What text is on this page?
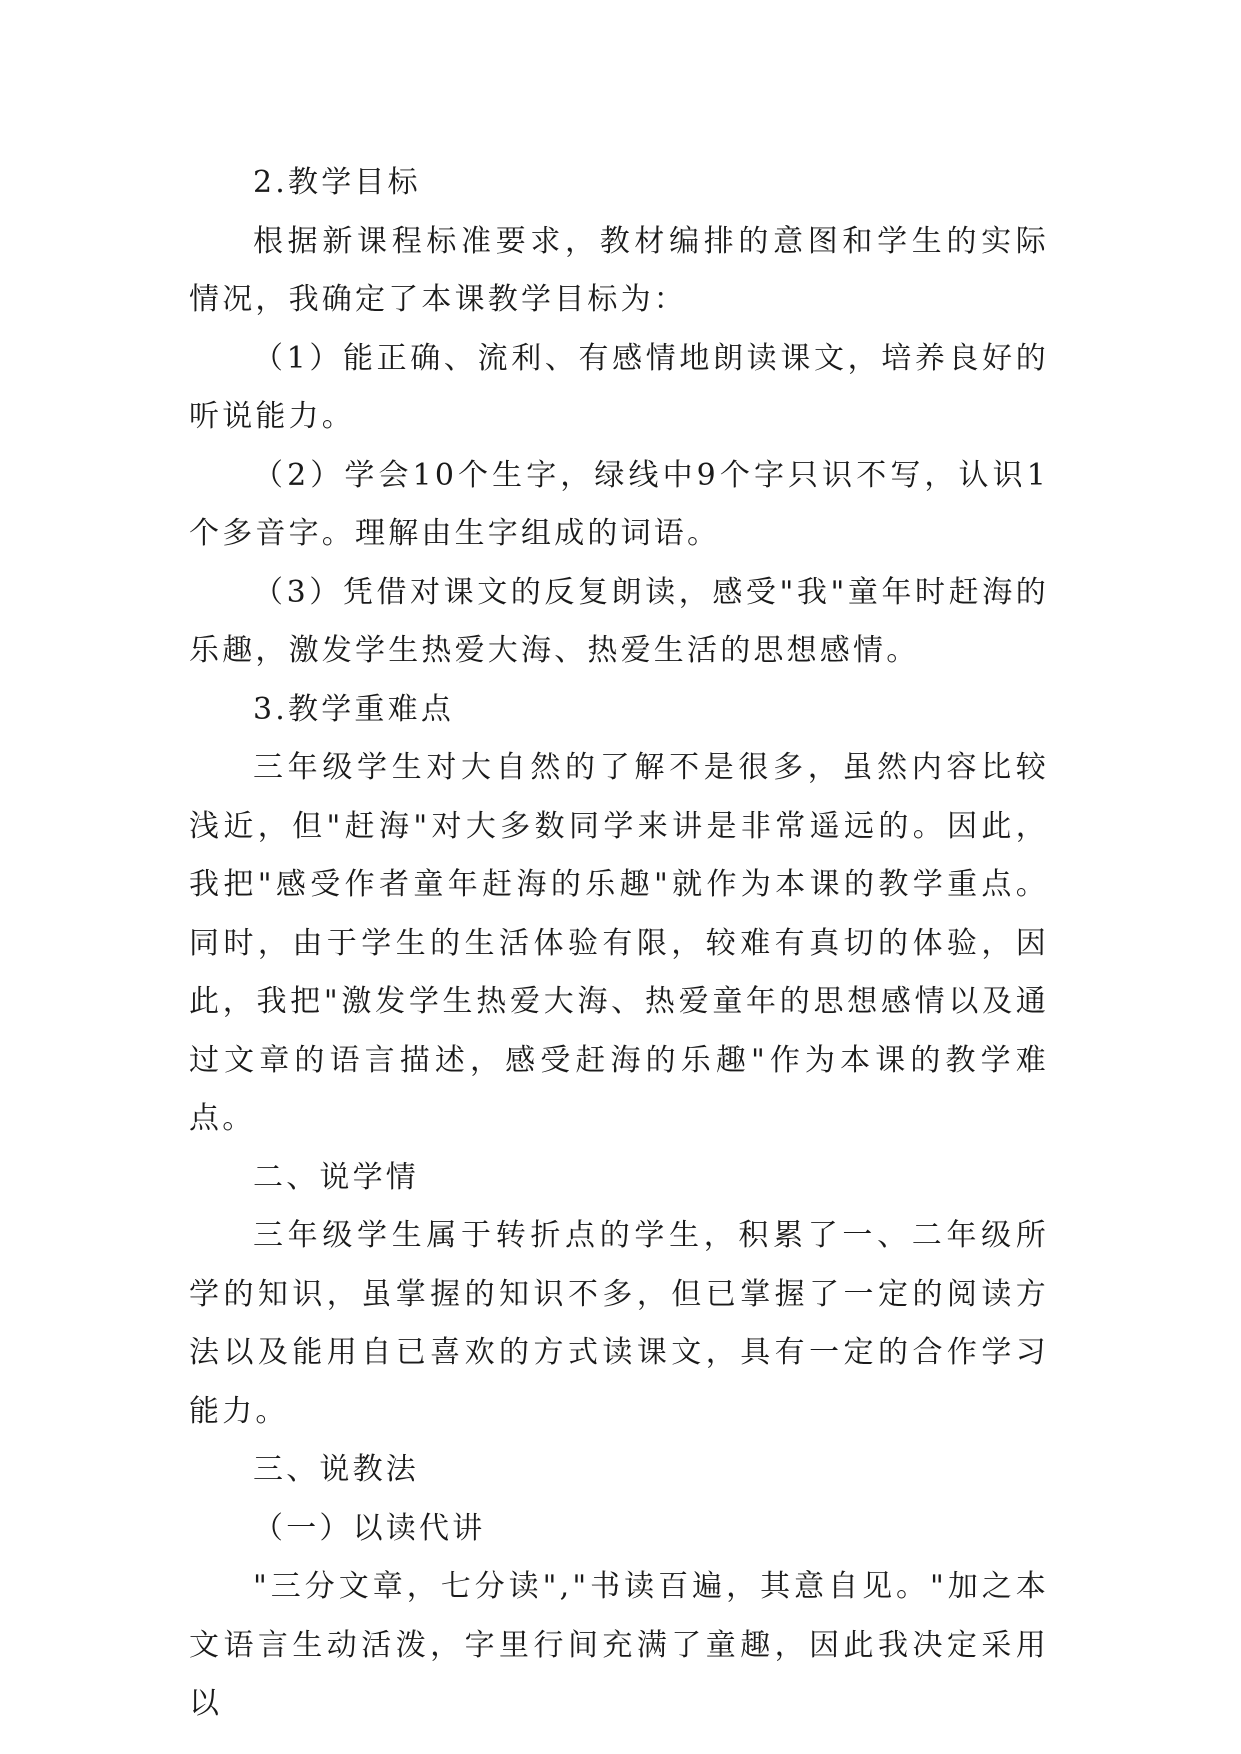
2.教学目标

根据新课程标准要求，教材编排的意图和学生的实际情况，我确定了本课教学目标为：

（1）能正确、流利、有感情地朗读课文，培养良好的听说能力。

（2）学会10个生字，绿线中9个字只识不写，认识1个多音字。理解由生字组成的词语。

（3）凭借对课文的反复朗读，感受"我"童年时赶海的乐趣，激发学生热爱大海、热爱生活的思想感情。

3.教学重难点

三年级学生对大自然的了解不是很多，虽然内容比较浅近，但"赶海"对大多数同学来讲是非常遥远的。因此，我把"感受作者童年赶海的乐趣"就作为本课的教学重点。同时，由于学生的生活体验有限，较难有真切的体验，因此，我把"激发学生热爱大海、热爱童年的思想感情以及通过文章的语言描述，感受赶海的乐趣"作为本课的教学难点。

二、说学情

三年级学生属于转折点的学生，积累了一、二年级所学的知识，虽掌握的知识不多，但已掌握了一定的阅读方法以及能用自已喜欢的方式读课文，具有一定的合作学习能力。

三、说教法

（一）以读代讲

"三分文章，七分读","书读百遍，其意自见。"加之本文语言生动活泼，字里行间充满了童趣，因此我决定采用以
